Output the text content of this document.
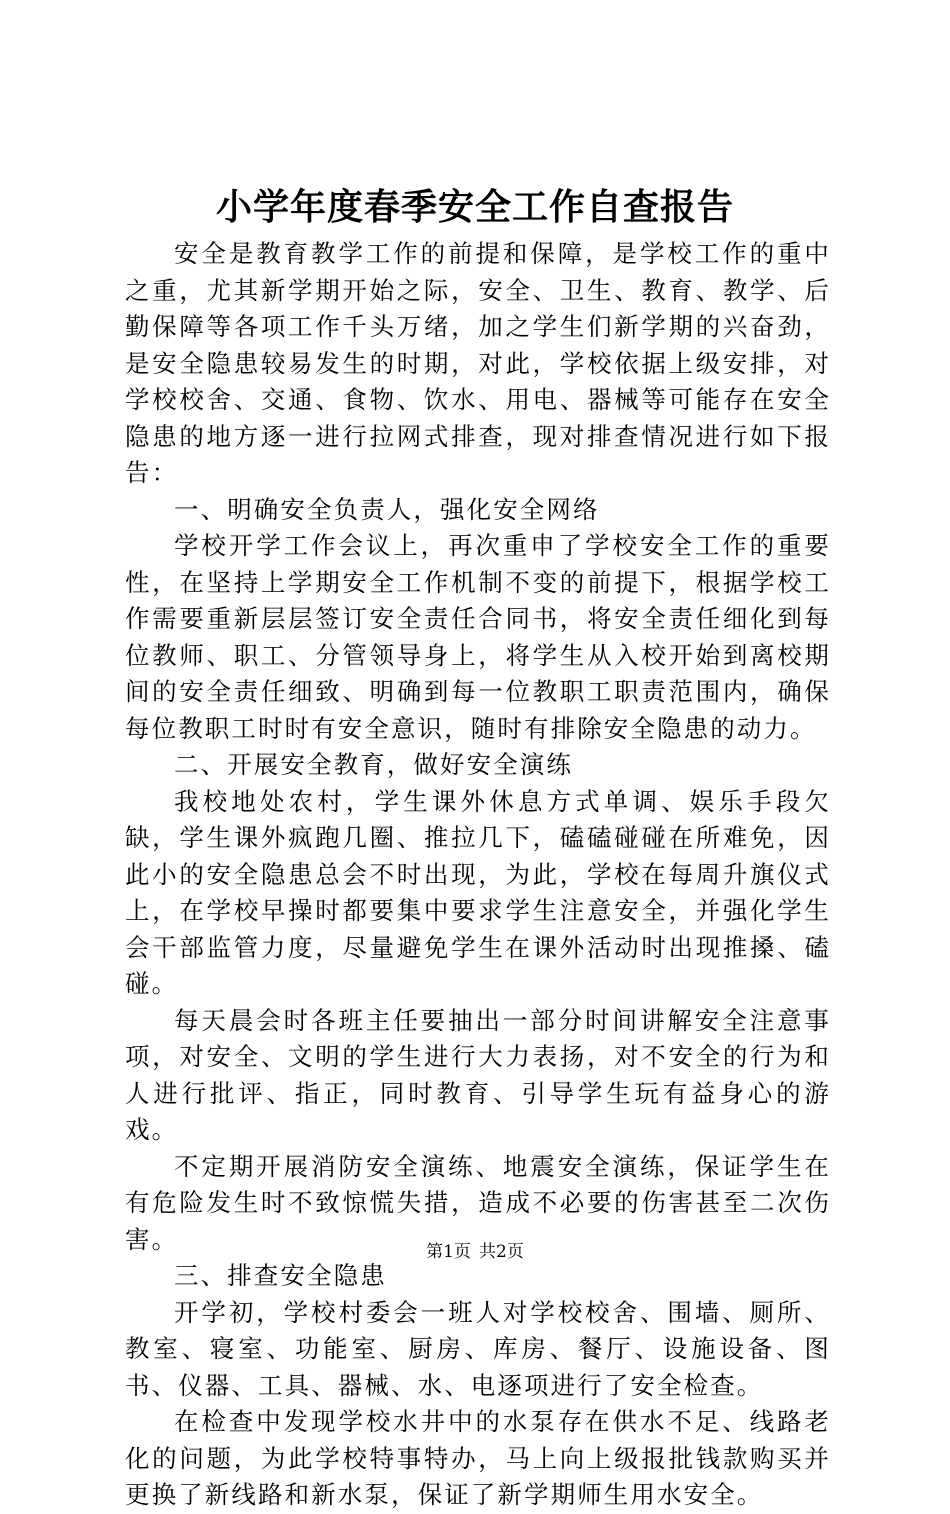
小学年度春季安全工作自查报告

安全是教育教学工作的前提和保障，是学校工作的重中之重，尤其新学期开始之际，安全、卫生、教育、教学、后勤保障等各项工作千头万绪，加之学生们新学期的兴奋劲，是安全隐患较易发生的时期，对此，学校依据上级安排，对学校校舍、交通、食物、饮水、用电、器械等可能存在安全隐患的地方逐一进行拉网式排查，现对排查情况进行如下报告：

一、明确安全负责人，强化安全网络

学校开学工作会议上，再次重申了学校安全工作的重要性，在坚持上学期安全工作机制不变的前提下，根据学校工作需要重新层层签订安全责任合同书，将安全责任细化到每位教师、职工、分管领导身上，将学生从入校开始到离校期间的安全责任细致、明确到每一位教职工职责范围内，确保每位教职工时时有安全意识，随时有排除安全隐患的动力。

二、开展安全教育，做好安全演练

我校地处农村，学生课外休息方式单调、娱乐手段欠缺，学生课外疯跑几圈、推拉几下，磕磕碰碰在所难免，因此小的安全隐患总会不时出现，为此，学校在每周升旗仪式上，在学校早操时都要集中要求学生注意安全，并强化学生会干部监管力度，尽量避免学生在课外活动时出现推搡、磕碰。

每天晨会时各班主任要抽出一部分时间讲解安全注意事项，对安全、文明的学生进行大力表扬，对不安全的行为和人进行批评、指正，同时教育、引导学生玩有益身心的游戏。

不定期开展消防安全演练、地震安全演练，保证学生在有危险发生时不致惊慌失措，造成不必要的伤害甚至二次伤害。

三、排查安全隐患

开学初，学校村委会一班人对学校校舍、围墙、厕所、教室、寝室、功能室、厨房、库房、餐厅、设施设备、图书、仪器、工具、器械、水、电逐项进行了安全检查。

在检查中发现学校水井中的水泵存在供水不足、线路老化的问题，为此学校特事特办，马上向上级报批钱款购买并更换了新线路和新水泵，保证了新学期师生用水安全。

第1页 共2页
